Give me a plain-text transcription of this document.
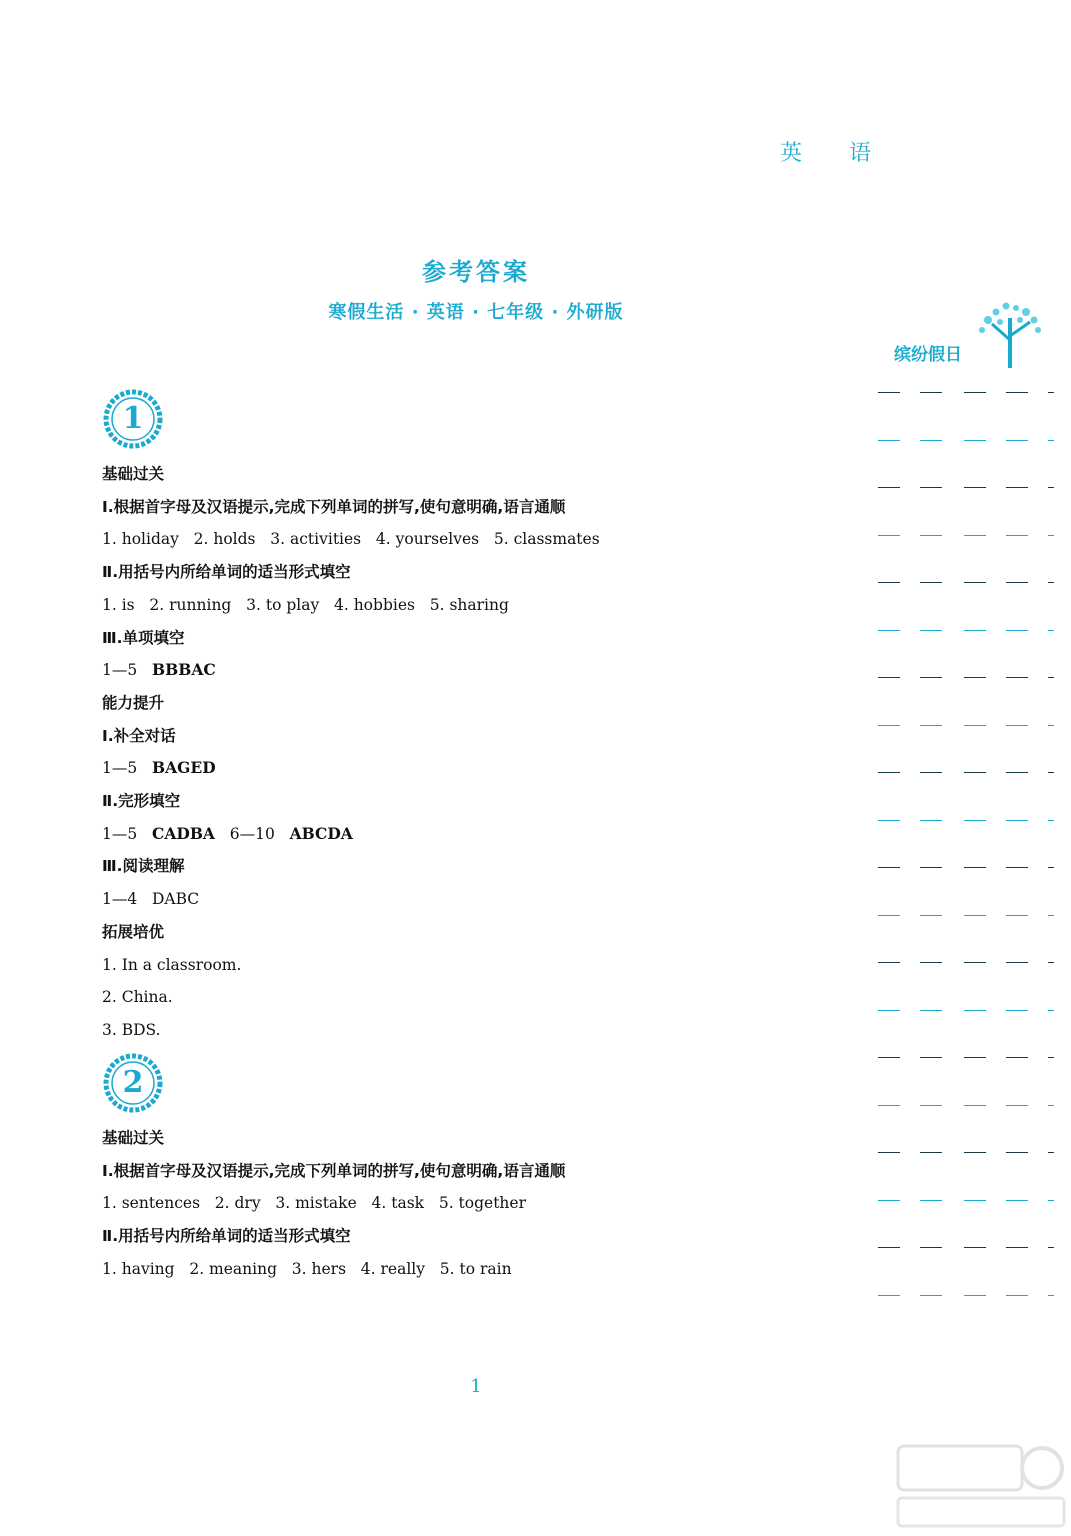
英 语
参考答案
寒假生活 · 英语 · 七年级 · 外研版
缤纷假日
1
基础过关
Ⅰ.根据首字母及汉语提示,完成下列单词的拼写,使句意明确,语言通顺
1. holiday   2. holds   3. activities   4. yourselves   5. classmates
Ⅱ.用括号内所给单词的适当形式填空
1. is   2. running   3. to play   4. hobbies   5. sharing
Ⅲ.单项填空
1—5   BBBAC
能力提升
Ⅰ.补全对话
1—5   BAGED
Ⅱ.完形填空
1—5   CADBA   6—10   ABCDA
Ⅲ.阅读理解
1—4   DABC
拓展培优
1. In a classroom.
2. China.
3. BDS.
2
基础过关
Ⅰ.根据首字母及汉语提示,完成下列单词的拼写,使句意明确,语言通顺
1. sentences   2. dry   3. mistake   4. task   5. together
Ⅱ.用括号内所给单词的适当形式填空
1. having   2. meaning   3. hers   4. really   5. to rain
1
